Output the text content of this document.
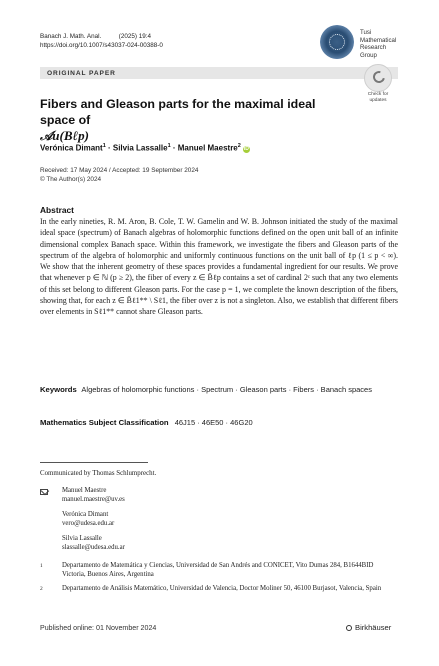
Banach J. Math. Anal.	(2025) 19:4
https://doi.org/10.1007/s43037-024-00388-0
Tusi
Mathematical
Research
Group
ORIGINAL PAPER
Check for
updates
Fibers and Gleason parts for the maximal ideal space of
𝒜u(Bℓp)
Verónica Dimant$^1$ · Silvia Lassalle$^1$ · Manuel Maestre$^2$ iD
Received: 17 May 2024 / Accepted: 19 September 2024
© The Author(s) 2024
Abstract

In the early nineties, R. M. Aron, B. Cole, T. W. Gamelin and W. B. Johnson initiated the study of the maximal ideal space (spectrum) of Banach algebras of holomorphic functions defined on the open unit ball of an infinite dimensional complex Banach space. Within this framework, we investigate the fibers and Gleason parts of the spectrum of the algebra of holomorphic and uniformly continuous functions on the unit ball of ℓp (1 ≤ p < ∞). We show that the inherent geometry of these spaces provides a fundamental ingredient for our results. We prove that whenever p ∈ ℕ (p ≥ 2), the fiber of every z ∈ B̄ℓp contains a set of cardinal 2ᶜ such that any two elements of this set belong to different Gleason parts. For the case p = 1, we complete the known description of the fibers, showing that, for each z ∈ B̄ℓ1** \ Sℓ1, the fiber over z is not a singleton. Also, we establish that different fibers over elements in Sℓ1** cannot share Gleason parts.

Keywords Algebras of holomorphic functions · Spectrum · Gleason parts · Fibers · Banach spaces
Mathematics Subject Classification 46J15 · 46E50 · 46G20
Communicated by Thomas Schlumprecht.
Manuel Maestre
manuel.maestre@uv.es
Verónica Dimant
vero@udesa.edu.ar
Silvia Lassalle
slassalle@udesa.edu.ar
1	Departamento de Matemática y Ciencias, Universidad de San Andrés and CONICET, Vito Dumas 284, B1644BID Victoria, Buenos Aires, Argentina
2	Departamento de Análisis Matemático, Universidad de Valencia, Doctor Moliner 50, 46100 Burjasot, Valencia, Spain
Published online: 01 November 2024	Birkhäuser
